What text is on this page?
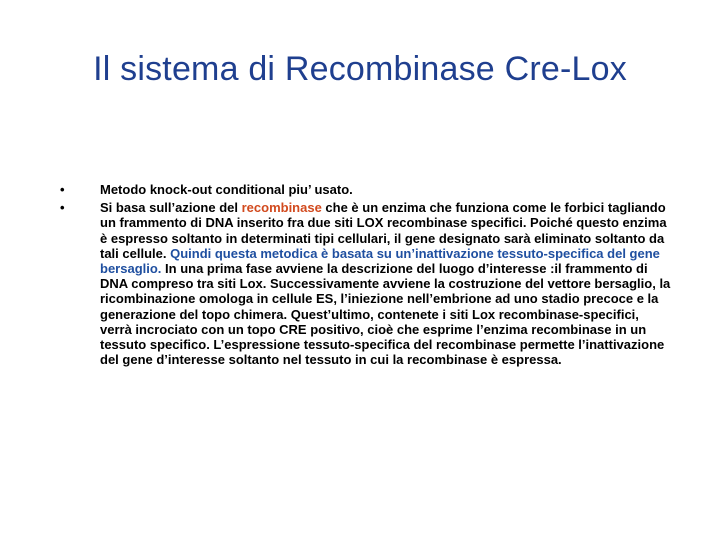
Il sistema di Recombinase Cre-Lox
•	Metodo knock-out conditional piu’ usato.
•	Si basa sull’azione del recombinase che è un enzima che funziona come le forbici tagliando un frammento di DNA inserito fra due siti LOX recombinase specifici. Poiché questo enzima è espresso soltanto in determinati tipi cellulari, il gene designato sarà eliminato soltanto da tali cellule. Quindi questa metodica è basata su un’inattivazione tessuto-specifica del gene bersaglio. In una prima fase avviene la descrizione del luogo d’interesse :il frammento di DNA compreso tra siti Lox. Successivamente avviene la costruzione del vettore bersaglio, la ricombinazione omologa in cellule ES, l’iniezione nell’embrione ad uno stadio precoce e la generazione del topo chimera. Quest’ultimo, contenete i siti Lox recombinase-specifici, verrà incrociato con un topo CRE positivo, cioè che esprime l’enzima recombinase in un tessuto specifico. L’espressione tessuto-specifica del recombinase permette l’inattivazione del gene d’interesse soltanto nel tessuto in cui la recombinase è espressa.
